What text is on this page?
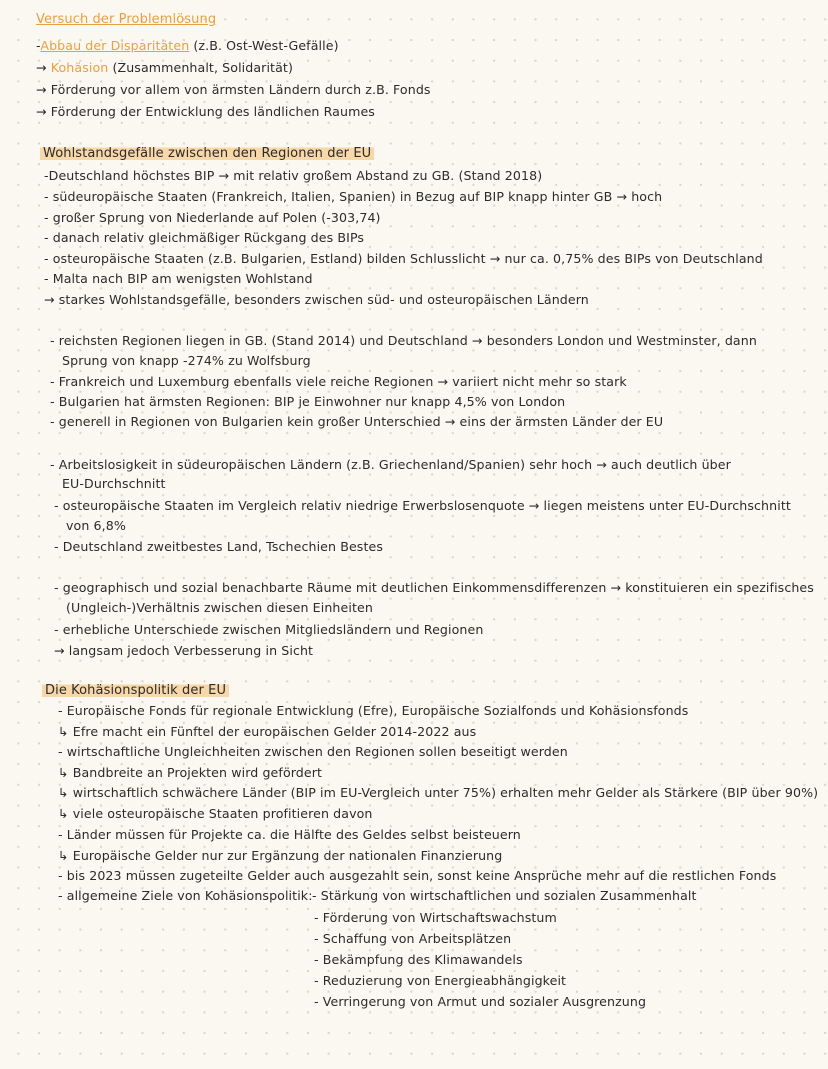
Versuch der Problemlösung
-Abbau der Disparitäten (z.B. Ost-West-Gefälle)
→ Kohäsion (Zusammenhalt, Solidarität)
→ Förderung vor allem von ärmsten Ländern durch z.B. Fonds
→ Förderung der Entwicklung des ländlichen Raumes
Wohlstandsgefälle zwischen den Regionen der EU
-Deutschland höchstes BIP → mit relativ großem Abstand zu GB. (Stand 2018)
- südeuropäische Staaten (Frankreich, Italien, Spanien) in Bezug auf BIP knapp hinter GB → hoch
- großer Sprung von Niederlande auf Polen (-303,74)
- danach relativ gleichmäßiger Rückgang des BIPs
- osteuropäische Staaten (z.B. Bulgarien, Estland) bilden Schlusslicht → nur ca. 0,75% des BIPs von Deutschland
- Malta nach BIP am wenigsten Wohlstand
→ starkes Wohlstandsgefälle, besonders zwischen süd- und osteuropäischen Ländern
- reichsten Regionen liegen in GB. (Stand 2014) und Deutschland → besonders London und Westminster, dann
Sprung von knapp -274% zu Wolfsburg
- Frankreich und Luxemburg ebenfalls viele reiche Regionen → variiert nicht mehr so stark
- Bulgarien hat ärmsten Regionen: BIP je Einwohner nur knapp 4,5% von London
- generell in Regionen von Bulgarien kein großer Unterschied → eins der ärmsten Länder der EU
- Arbeitslosigkeit in südeuropäischen Ländern (z.B. Griechenland/Spanien) sehr hoch → auch deutlich über
EU-Durchschnitt
- osteuropäische Staaten im Vergleich relativ niedrige Erwerbslosenquote → liegen meistens unter EU-Durchschnitt
von 6,8%
- Deutschland zweitbestes Land, Tschechien Bestes
- geographisch und sozial benachbarte Räume mit deutlichen Einkommensdifferenzen → konstituieren ein spezifisches
(Ungleich-)Verhältnis zwischen diesen Einheiten
- erhebliche Unterschiede zwischen Mitgliedsländern und Regionen
→ langsam jedoch Verbesserung in Sicht
Die Kohäsionspolitik der EU
- Europäische Fonds für regionale Entwicklung (Efre), Europäische Sozialfonds und Kohäsionsfonds
↳ Efre macht ein Fünftel der europäischen Gelder 2014-2022 aus
- wirtschaftliche Ungleichheiten zwischen den Regionen sollen beseitigt werden
↳ Bandbreite an Projekten wird gefördert
↳ wirtschaftlich schwächere Länder (BIP im EU-Vergleich unter 75%) erhalten mehr Gelder als Stärkere (BIP über 90%)
↳ viele osteuropäische Staaten profitieren davon
- Länder müssen für Projekte ca. die Hälfte des Geldes selbst beisteuern
↳ Europäische Gelder nur zur Ergänzung der nationalen Finanzierung
- bis 2023 müssen zugeteilte Gelder auch ausgezahlt sein, sonst keine Ansprüche mehr auf die restlichen Fonds
- allgemeine Ziele von Kohäsionspolitik: - Stärkung von wirtschaftlichen und sozialen Zusammenhalt
- Förderung von Wirtschaftswachstum
- Schaffung von Arbeitsplätzen
- Bekämpfung des Klimawandels
- Reduzierung von Energieabhängigkeit
- Verringerung von Armut und sozialer Ausgrenzung
